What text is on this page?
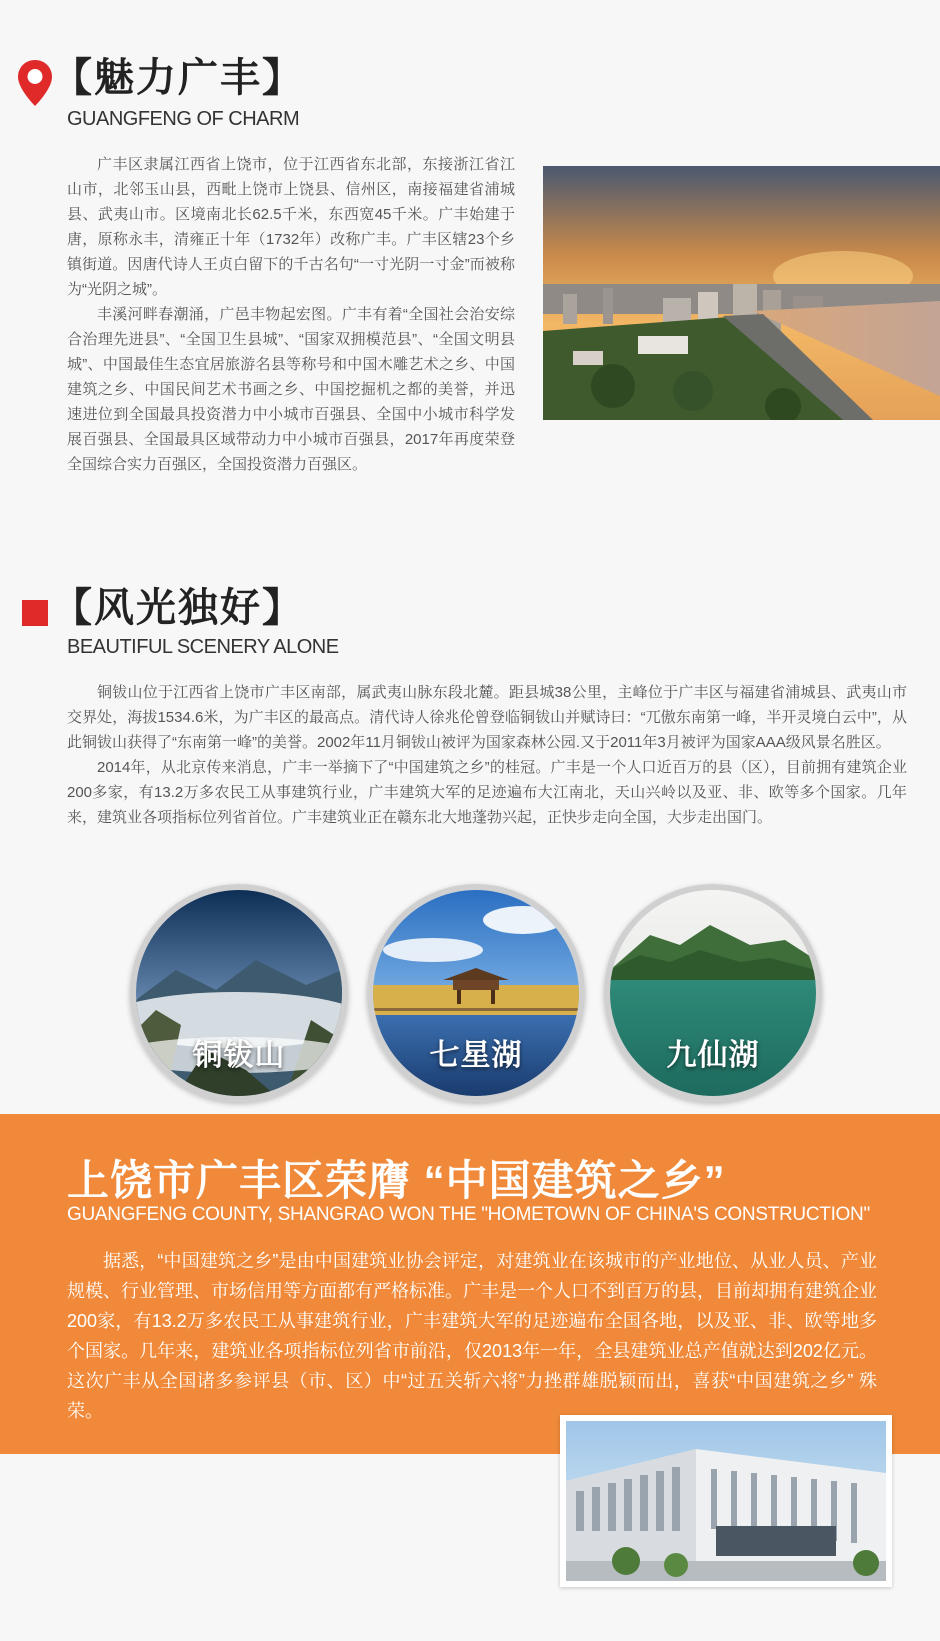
【魅力广丰】
GUANGFENG OF CHARM

广丰区隶属江西省上饶市，位于江西省东北部，东接浙江省江山市，北邻玉山县，西毗上饶市上饶县、信州区，南接福建省浦城县、武夷山市。区境南北长62.5千米，东西宽45千米。广丰始建于唐，原称永丰，清雍正十年（1732年）改称广丰。广丰区辖23个乡镇街道。因唐代诗人王贞白留下的千古名句“一寸光阴一寸金”而被称为“光阴之城”。

丰溪河畔春潮涌，广邑丰物起宏图。广丰有着“全国社会治安综合治理先进县”、“全国卫生县城”、“国家双拥模范县”、“全国文明县城”、中国最佳生态宜居旅游名县等称号和中国木雕艺术之乡、中国建筑之乡、中国民间艺术书画之乡、中国挖掘机之都的美誉，并迅速进位到全国最具投资潜力中小城市百强县、全国中小城市科学发展百强县、全国最具区域带动力中小城市百强县，2017年再度荣登全国综合实力百强区，全国投资潜力百强区。

【风光独好】
BEAUTIFUL SCENERY ALONE

铜钹山位于江西省上饶市广丰区南部，属武夷山脉东段北麓。距县城38公里，主峰位于广丰区与福建省浦城县、武夷山市交界处，海拔1534.6米，为广丰区的最高点。清代诗人徐兆伦曾登临铜钹山并赋诗曰：“兀傲东南第一峰，半开灵境白云中”，从此铜钹山获得了“东南第一峰”的美誉。2002年11月铜钹山被评为国家森林公园.又于2011年3月被评为国家AAA级风景名胜区。

2014年，从北京传来消息，广丰一举摘下了“中国建筑之乡”的桂冠。广丰是一个人口近百万的县（区），目前拥有建筑企业200多家，有13.2万多农民工从事建筑行业，广丰建筑大军的足迹遍布大江南北，天山兴岭以及亚、非、欧等多个国家。几年来，建筑业各项指标位列省首位。广丰建筑业正在赣东北大地蓬勃兴起，正快步走向全国，大步走出国门。

铜钹山	七星湖	九仙湖
上饶市广丰区荣膺 “中国建筑之乡”
GUANGFENG COUNTY, SHANGRAO WON THE "HOMETOWN OF CHINA'S CONSTRUCTION"

据悉，“中国建筑之乡”是由中国建筑业协会评定，对建筑业在该城市的产业地位、从业人员、产业规模、行业管理、市场信用等方面都有严格标准。广丰是一个人口不到百万的县，目前却拥有建筑企业200家，有13.2万多农民工从事建筑行业，广丰建筑大军的足迹遍布全国各地，以及亚、非、欧等地多个国家。几年来，建筑业各项指标位列省市前沿，仅2013年一年，全县建筑业总产值就达到202亿元。这次广丰从全国诸多参评县（市、区）中“过五关斩六将”力挫群雄脱颖而出，喜获“中国建筑之乡” 殊荣。
